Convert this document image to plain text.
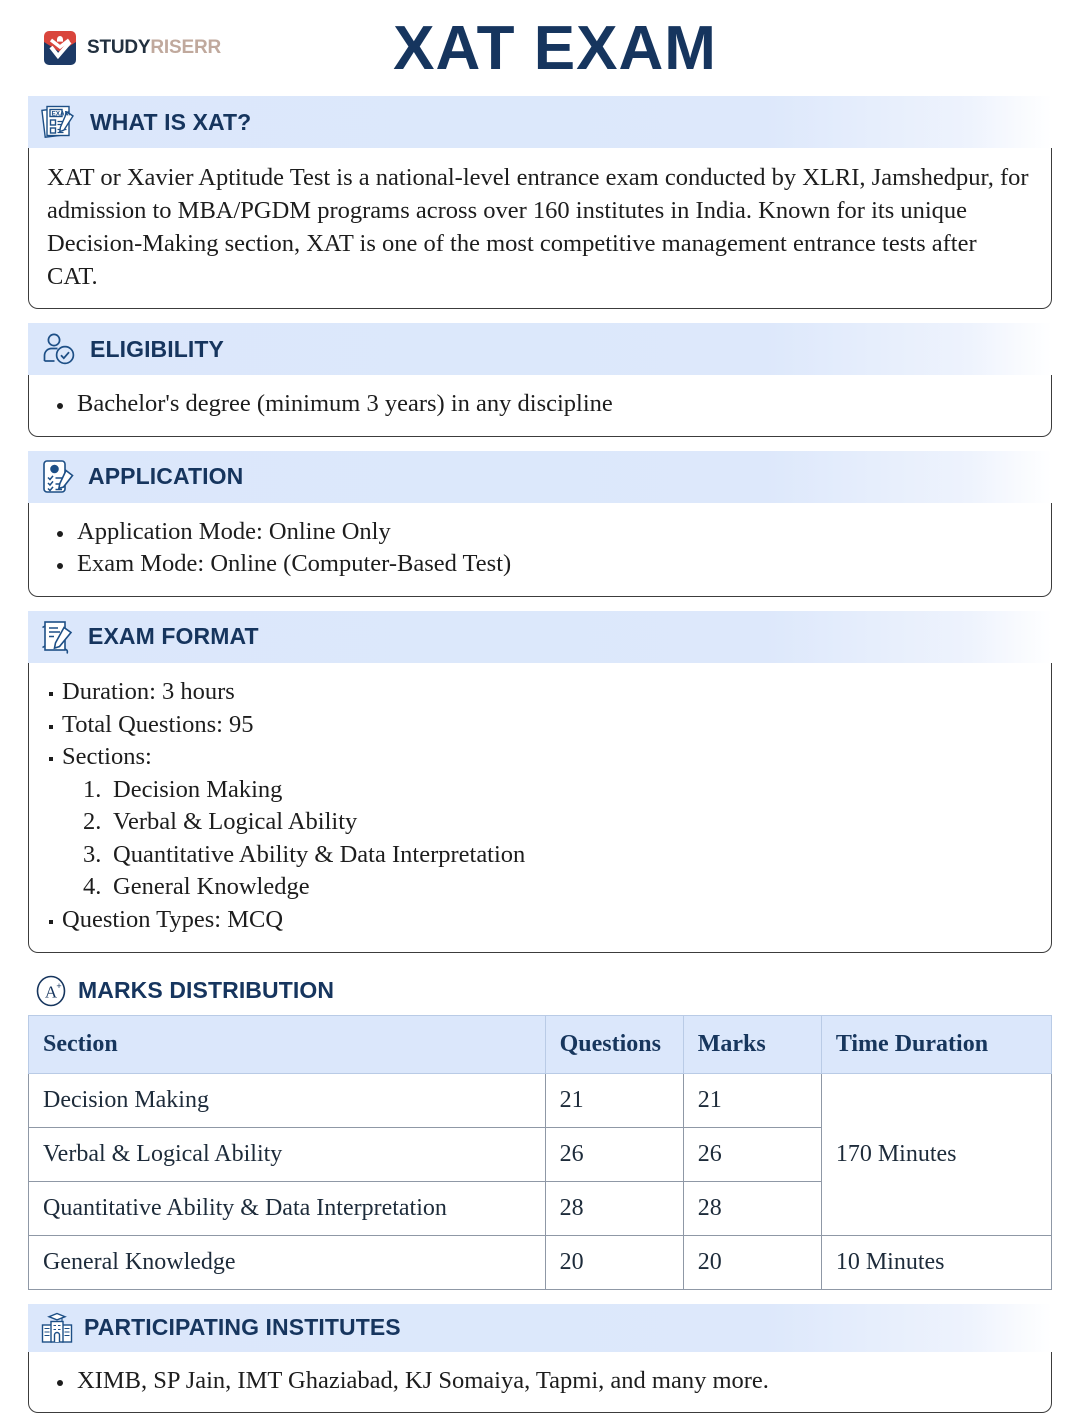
STUDYRISERR	XAT EXAM
EXAM WHAT IS XAT?

XAT or Xavier Aptitude Test is a national-level entrance exam conducted by XLRI, Jamshedpur, for admission to MBA/PGDM programs across over 160 institutes in India. Known for its unique Decision-Making section, XAT is one of the most competitive management entrance tests after CAT.

ELIGIBILITY
Bachelor's degree (minimum 3 years) in any discipline
APPLICATION
Application Mode: Online Only
Exam Mode: Online (Computer-Based Test)
EXAM FORMAT
Duration: 3 hours
Total Questions: 95
Sections:
Decision Making
Verbal & Logical Ability
Quantitative Ability & Data Interpretation
General Knowledge
Question Types: MCQ
A + MARKS DISTRIBUTION
Section	Questions	Marks	Time Duration
Decision Making	21	21	170 Minutes
Verbal & Logical Ability	26	26	
Quantitative Ability & Data Interpretation	28	28	
General Knowledge	20	20	10 Minutes
PARTICIPATING INSTITUTES
XIMB, SP Jain, IMT Ghaziabad, KJ Somaiya, Tapmi, and many more.
